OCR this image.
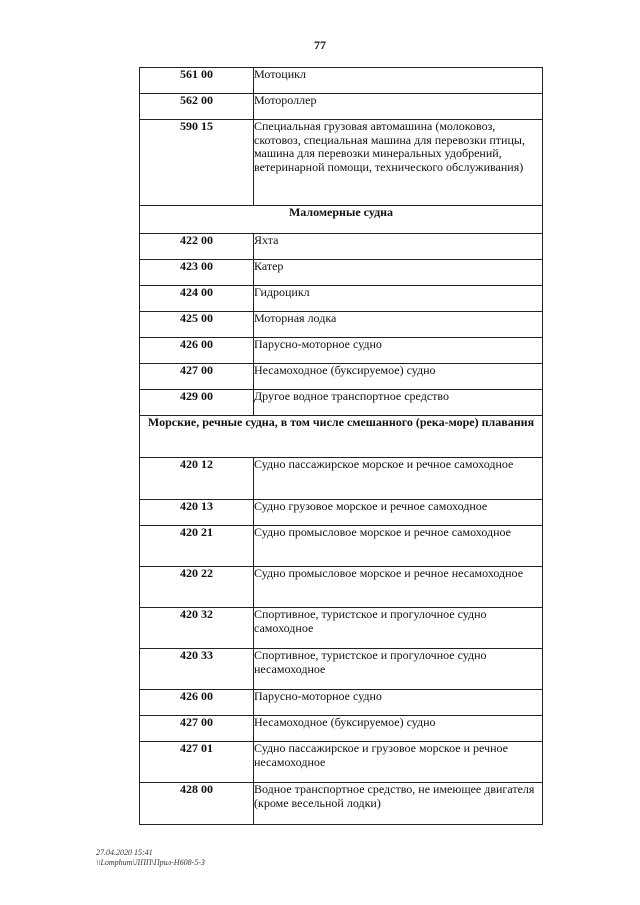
77
561 00	Мотоцикл
562 00	Мотороллер
590 15	Специальная грузовая автомашина (молоковоз, скотовоз, специальная машина для перевозки птицы, машина для перевозки минеральных удобрений, ветеринарной помощи, технического обслуживания)
Маломерные судна	
422 00	Яхта
423 00	Катер
424 00	Гидроцикл
425 00	Моторная лодка
426 00	Парусно-моторное судно
427 00	Несамоходное (буксируемое) судно
429 00	Другое водное транспортное средство
Морские, речные судна, в том числе смешанного (река-море) плавания	
420 12	Судно пассажирское морское и речное самоходное
420 13	Судно грузовое морское и речное самоходное
420 21	Судно промысловое морское и речное самоходное
420 22	Судно промысловое морское и речное несамоходное
420 32	Спортивное, туристское и прогулочное судно самоходное
420 33	Спортивное, туристское и прогулочное судно несамоходное
426 00	Парусно-моторное судно
427 00	Несамоходное (буксируемое) судно
427 01	Судно пассажирское и грузовое морское и речное несамоходное
428 00	Водное транспортное средство, не имеющее двигателя (кроме весельной лодки)
27.04.2020 15:41
\\Lomphum\ЛПП\Прил-Н608-5-3
